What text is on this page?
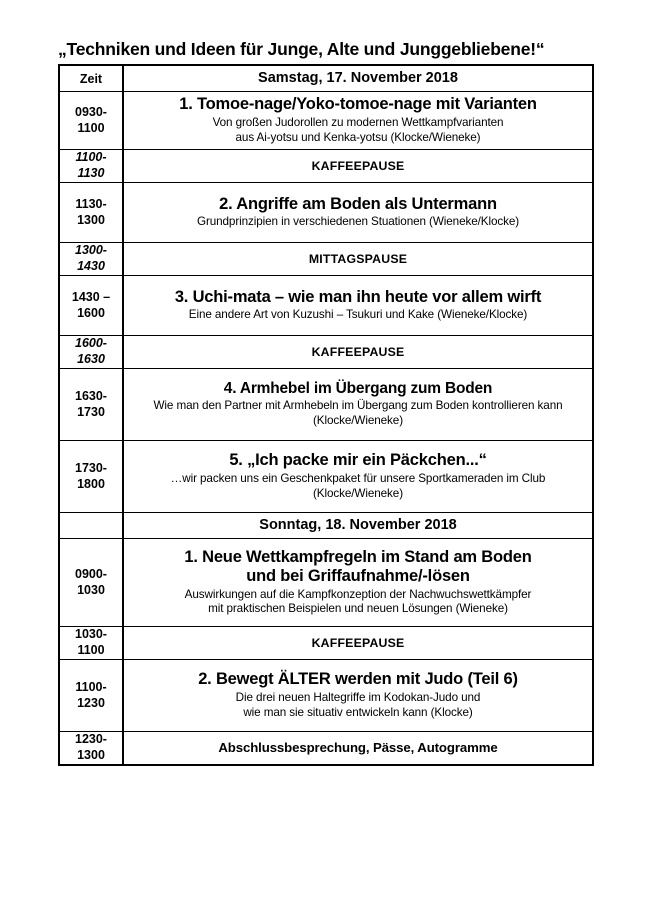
„Techniken und Ideen für Junge, Alte und Junggebliebene!“
Zeit	Samstag, 17. November 2018
0930-
1100	
1. Tomoe-nage/Yoko-tomoe-nage mit Varianten
Von großen Judorollen zu modernen Wettkampfvarianten
aus Ai-yotsu und Kenka-yotsu (Klocke/Wieneke)

1100-
1130	KAFFEEPAUSE
1130-
1300	
2. Angriffe am Boden als Untermann
Grundprinzipien in verschiedenen Stuationen (Wieneke/Klocke)

1300-
1430	MITTAGSPAUSE
1430 –
1600	
3. Uchi-mata – wie man ihn heute vor allem wirft
Eine andere Art von Kuzushi – Tsukuri und Kake (Wieneke/Klocke)

1600-
1630	KAFFEEPAUSE
1630-
1730	
4. Armhebel im Übergang zum Boden
Wie man den Partner mit Armhebeln im Übergang zum Boden kontrollieren kann
(Klocke/Wieneke)

1730-
1800	
5. „Ich packe mir ein Päckchen...“
…wir packen uns ein Geschenkpaket für unsere Sportkameraden im Club
(Klocke/Wieneke)

	Sonntag, 18. November 2018
0900-
1030	
1. Neue Wettkampfregeln im Stand am Boden
und bei Griffaufnahme/-lösen
Auswirkungen auf die Kampfkonzeption der Nachwuchswettkämpfer
mit praktischen Beispielen und neuen Lösungen (Wieneke)

1030-
1100	KAFFEEPAUSE
1100-
1230	
2. Bewegt ÄLTER werden mit Judo (Teil 6)
Die drei neuen Haltegriffe im Kodokan-Judo und
wie man sie situativ entwickeln kann (Klocke)

1230-
1300	Abschlussbesprechung, Pässe, Autogramme
